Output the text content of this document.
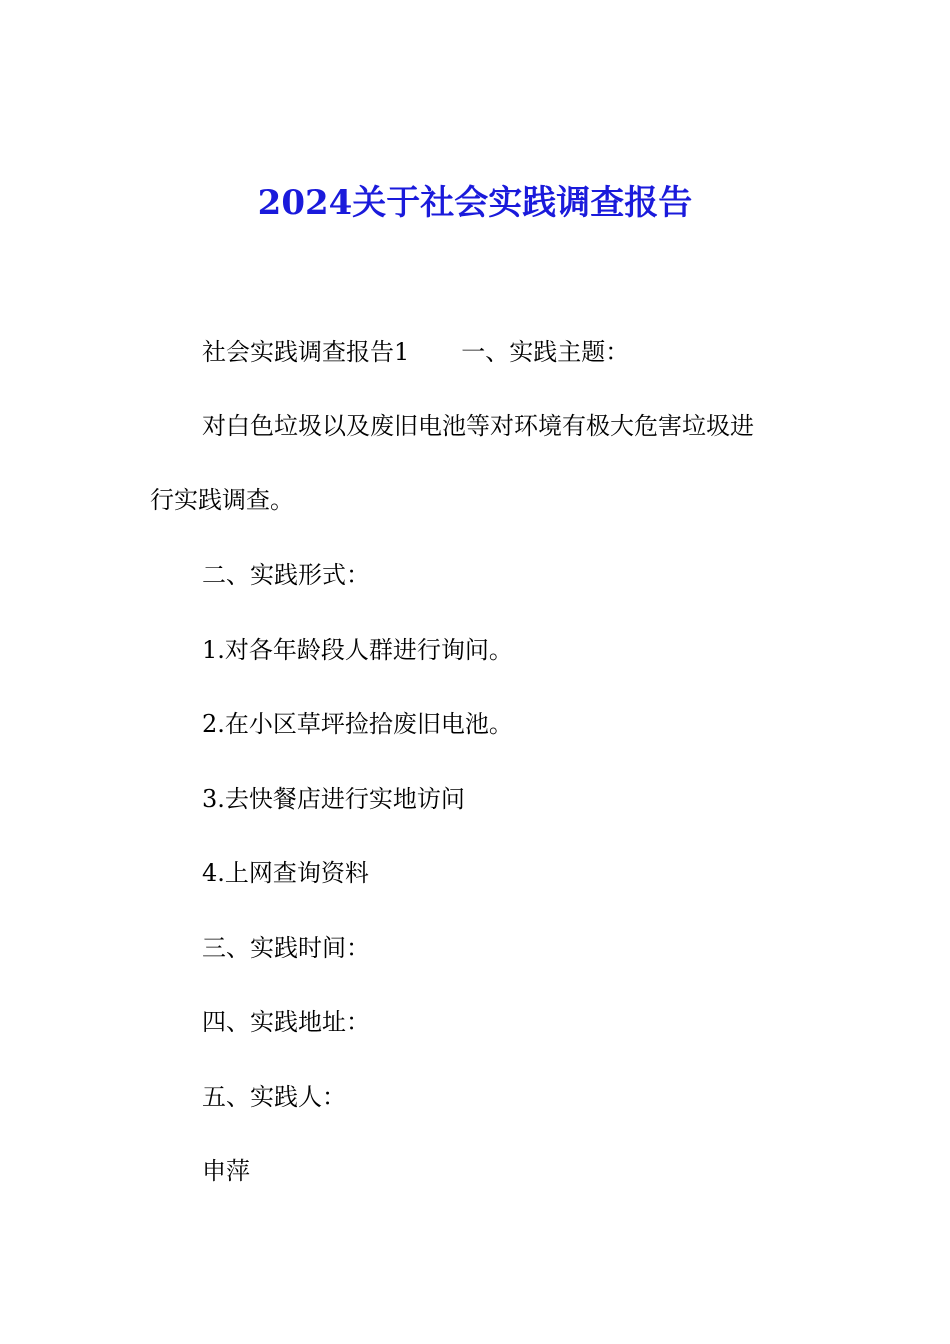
2024关于社会实践调查报告
社会实践调查报告1 一、实践主题：
对白色垃圾以及废旧电池等对环境有极大危害垃圾进
行实践调查。
二、实践形式：
1.对各年龄段人群进行询问。
2.在小区草坪捡拾废旧电池。
3.去快餐店进行实地访问
4.上网查询资料
三、实践时间：
四、实践地址：
五、实践人：
申萍
